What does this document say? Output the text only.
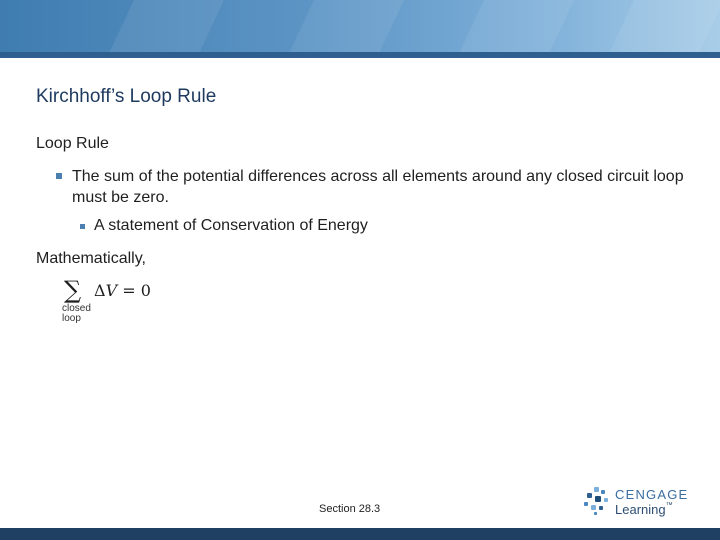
Kirchhoff’s Loop Rule
Loop Rule
The sum of the potential differences across all elements around any closed circuit loop must be zero.
A statement of Conservation of Energy
Mathematically,
∑
closed
loop
ΔV = 0
Section 28.3
CENGAGE
Learning™
